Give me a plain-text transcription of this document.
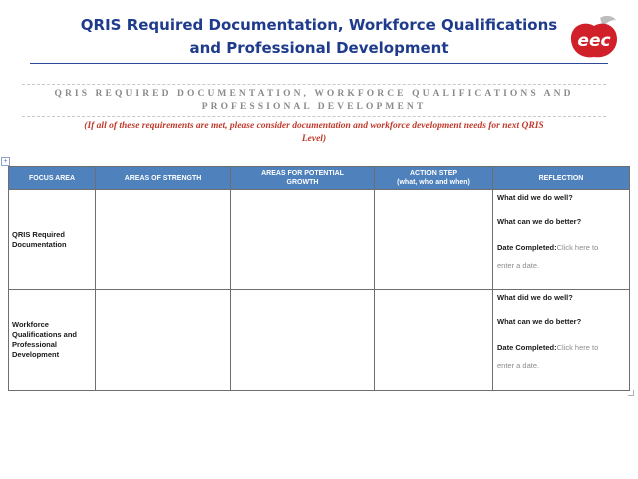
QRIS Required Documentation, Workforce Qualifications
and Professional Development	eec
QRIS REQUIRED DOCUMENTATION, WORKFORCE QUALIFICATIONS AND
PROFESSIONAL DEVELOPMENT
(If all of these requirements are met, please consider documentation and workforce development needs for next QRIS
Level)
+
FOCUS AREA	AREAS OF STRENGTH	AREAS FOR POTENTIAL
GROWTH	ACTION STEP
(what, who and when)	REFLECTION
QRIS Required
Documentation				What did we do well?
What can we do better?
Date Completed:Click here to
enter a date.

Workforce
Qualifications and
Professional
Development				What did we do well?
What can we do better?
Date Completed:Click here to
enter a date.
